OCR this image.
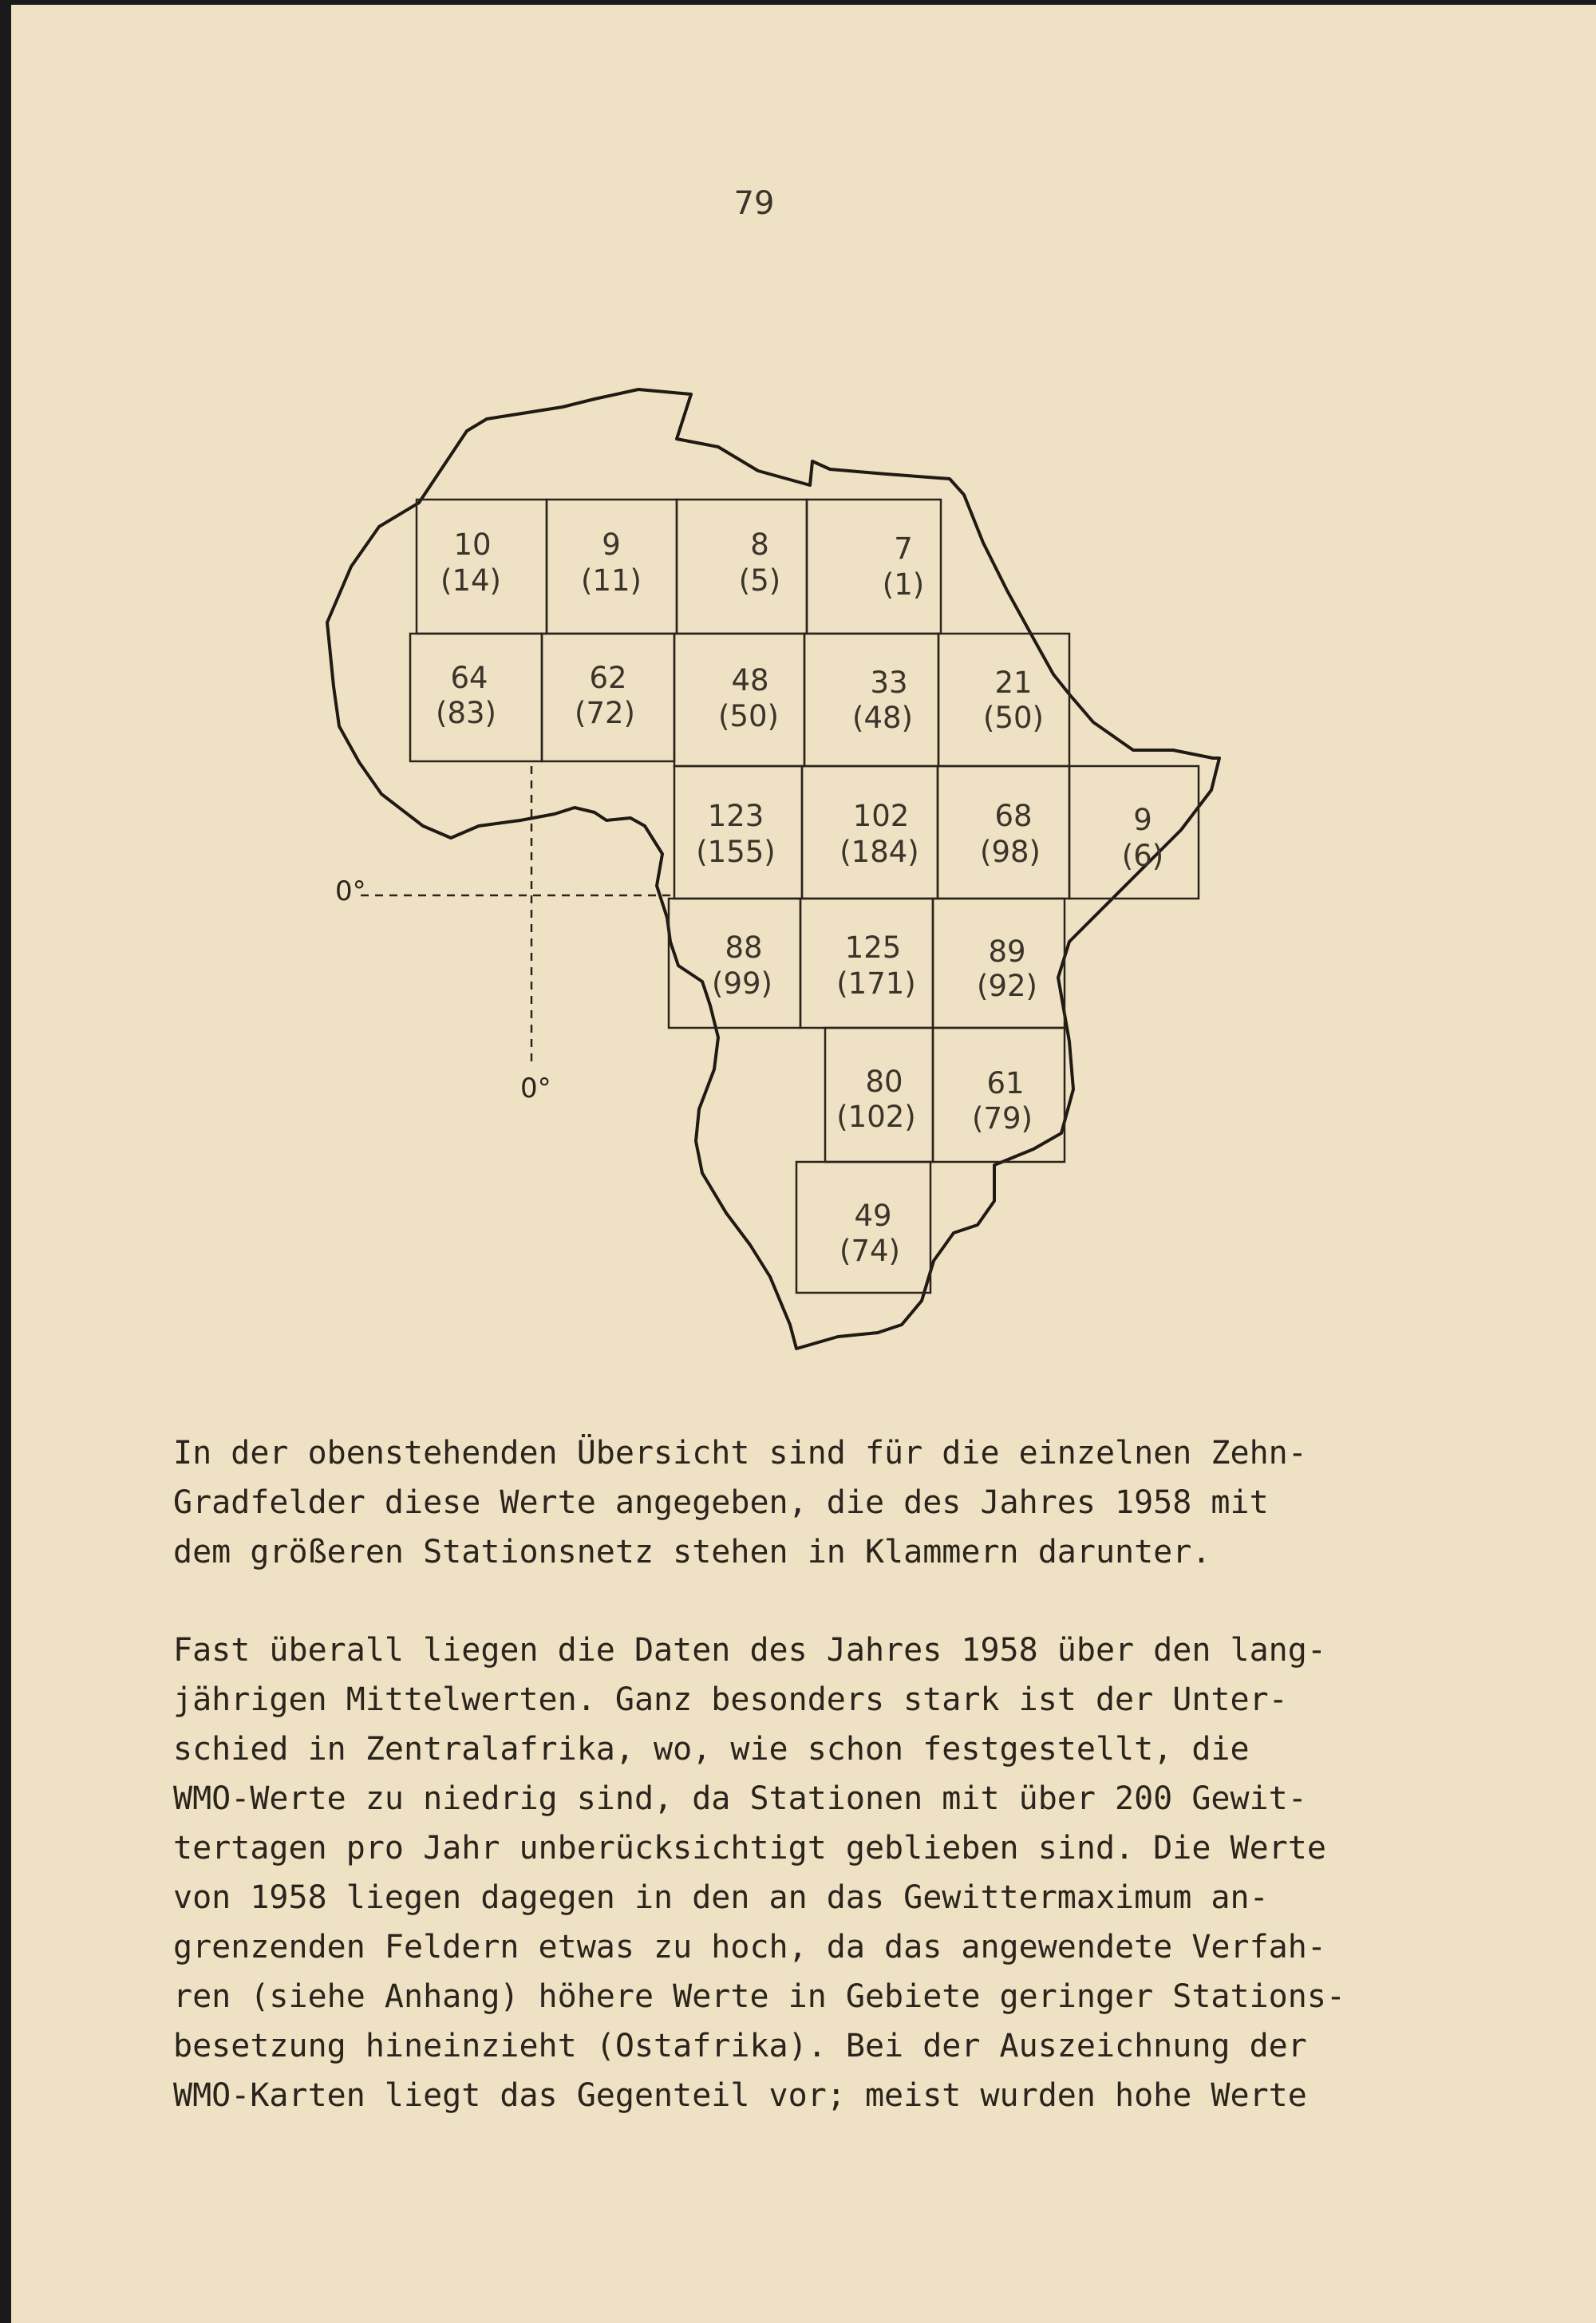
79
0°
0°
10
(14)
9
(11)
8
(5)
7
(1)
64
(83)
62
(72)
48
(50)
33
(48)
21
(50)
123
(155)
102
(184)
68
(98)
9
(6)
88
(99)
125
(171)
89
(92)
80
(102)
61
(79)
49
(74)
In der obenstehenden Übersicht sind für die einzelnen Zehn-
Gradfelder diese Werte angegeben, die des Jahres 1958 mit
dem größeren Stationsnetz stehen in Klammern darunter.
Fast überall liegen die Daten des Jahres 1958 über den lang-
jährigen Mittelwerten. Ganz besonders stark ist der Unter-
schied in Zentralafrika, wo, wie schon festgestellt, die
WMO-Werte zu niedrig sind, da Stationen mit über 200 Gewit-
tertagen pro Jahr unberücksichtigt geblieben sind. Die Werte
von 1958 liegen dagegen in den an das Gewittermaximum an-
grenzenden Feldern etwas zu hoch, da das angewendete Verfah-
ren (siehe Anhang) höhere Werte in Gebiete geringer Stations-
besetzung hineinzieht (Ostafrika). Bei der Auszeichnung der
WMO-Karten liegt das Gegenteil vor; meist wurden hohe Werte
